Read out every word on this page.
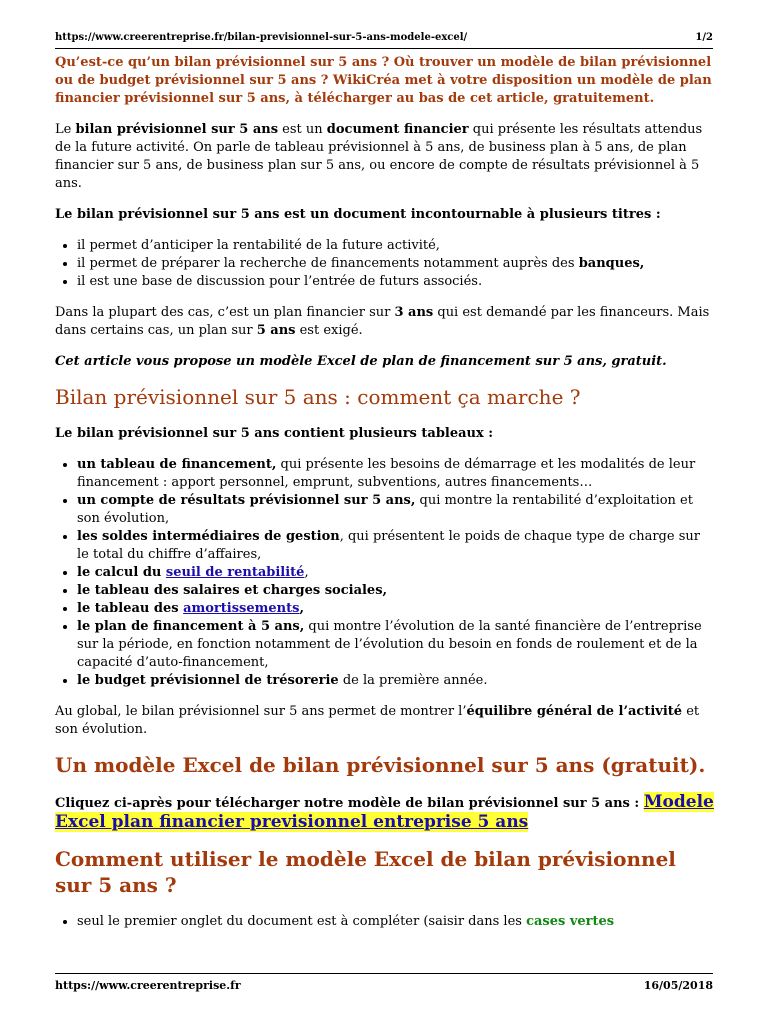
https://www.creerentreprise.fr/bilan-previsionnel-sur-5-ans-modele-excel/	1/2

Qu’est-ce qu’un bilan prévisionnel sur 5 ans ? Où trouver un modèle de bilan prévisionnel ou de budget prévisionnel sur 5 ans ? WikiCréa met à votre disposition un modèle de plan financier prévisionnel sur 5 ans, à télécharger au bas de cet article, gratuitement.

Le bilan prévisionnel sur 5 ans est un document financier qui présente les résultats attendus de la future activité. On parle de tableau prévisionnel à 5 ans, de business plan à 5 ans, de plan financier sur 5 ans, de business plan sur 5 ans, ou encore de compte de résultats prévisionnel à 5 ans.

Le bilan prévisionnel sur 5 ans est un document incontournable à plusieurs titres :

• il permet d’anticiper la rentabilité de la future activité,
• il permet de préparer la recherche de financements notamment auprès des banques,
• il est une base de discussion pour l’entrée de futurs associés.

Dans la plupart des cas, c’est un plan financier sur 3 ans qui est demandé par les financeurs. Mais dans certains cas, un plan sur 5 ans est exigé.

Cet article vous propose un modèle Excel de plan de financement sur 5 ans, gratuit.

Bilan prévisionnel sur 5 ans : comment ça marche ?

Le bilan prévisionnel sur 5 ans contient plusieurs tableaux :

• un tableau de financement, qui présente les besoins de démarrage et les modalités de leur financement : apport personnel, emprunt, subventions, autres financements…
• un compte de résultats prévisionnel sur 5 ans, qui montre la rentabilité d’exploitation et son évolution,
• les soldes intermédiaires de gestion, qui présentent le poids de chaque type de charge sur le total du chiffre d’affaires,
• le calcul du seuil de rentabilité,
• le tableau des salaires et charges sociales,
• le tableau des amortissements,
• le plan de financement à 5 ans, qui montre l’évolution de la santé financière de l’entreprise sur la période, en fonction notamment de l’évolution du besoin en fonds de roulement et de la capacité d’auto-financement,
• le budget prévisionnel de trésorerie de la première année.

Au global, le bilan prévisionnel sur 5 ans permet de montrer l’équilibre général de l’activité et son évolution.

Un modèle Excel de bilan prévisionnel sur 5 ans (gratuit).

Cliquez ci-après pour télécharger notre modèle de bilan prévisionnel sur 5 ans : Modele Excel plan financier previsionnel entreprise 5 ans

Comment utiliser le modèle Excel de bilan prévisionnel sur 5 ans ?
• seul le premier onglet du document est à compléter (saisir dans les cases vertes
https://www.creerentreprise.fr	16/05/2018
